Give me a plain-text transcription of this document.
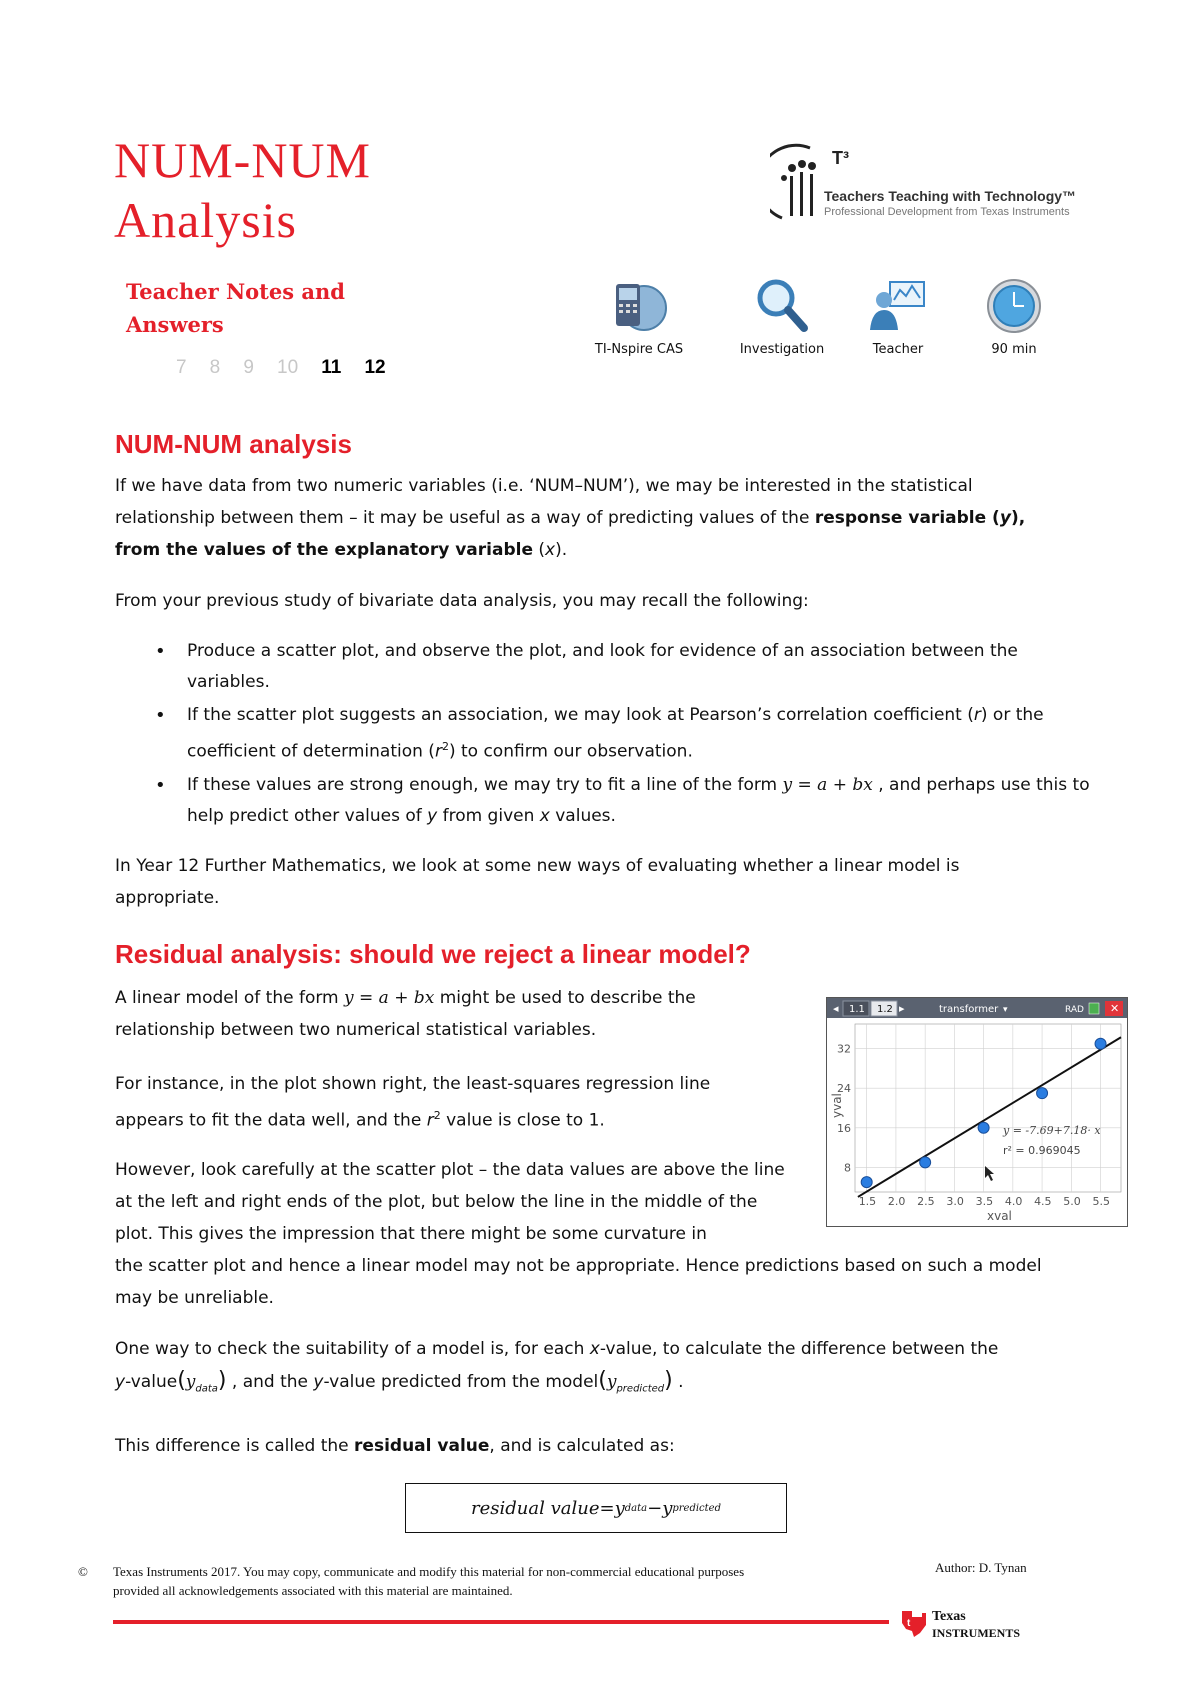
NUM-NUM
Analysis
Teacher Notes and
Answers
7 8 9 10 11 12
T³
Teachers Teaching with Technology™
Professional Development from Texas Instruments
TI-Nspire CAS	Investigation	Teacher	90 min
NUM-NUM analysis

If we have data from two numeric variables (i.e. ‘NUM–NUM’), we may be interested in the statistical relationship between them – it may be useful as a way of predicting values of the response variable (y), from the values of the explanatory variable (x).

From your previous study of bivariate data analysis, you may recall the following:

• Produce a scatter plot, and observe the plot, and look for evidence of an association between the variables.
• If the scatter plot suggests an association, we may look at Pearson’s correlation coefficient (r) or the coefficient of determination $(r^2)$ to confirm our observation.
• If these values are strong enough, we may try to fit a line of the form y = a + bx , and perhaps use this to help predict other values of y from given x values.

In Year 12 Further Mathematics, we look at some new ways of evaluating whether a linear model is appropriate.

Residual analysis: should we reject a linear model?

A linear model of the form y = a + bx might be used to describe the relationship between two numerical statistical variables.

For instance, in the plot shown right, the least-squares regression line appears to fit the data well, and the $r^2$ value is close to 1.

However, look carefully at the scatter plot – the data values are above the line at the left and right ends of the plot, but below the line in the middle of the plot. This gives the impression that there might be some curvature in

the scatter plot and hence a linear model may not be appropriate. Hence predictions based on such a model may be unreliable.

One way to check the suitability of a model is, for each x-value, to calculate the difference between the
$y-value(y_{data})$ , and the y-value predicted from the $model(y_{predicted})$ .

This difference is called the residual value, and is calculated as:

residual value = y data − y predicted
◂ 1.1 1.2 ▸	transformer ▾	RAD ✕
1.5 2.0 2.5 3.0 3.5 4.0 4.5 5.0 5.5
8
16
24
32
yval
xval
y = -7.69+7.18· x
r² = 0.969045
© Texas Instruments 2017. You may copy, communicate and modify this material for non-commercial educational purposes
provided all acknowledgements associated with this material are maintained.
Author: D. Tynan
t Texas
INSTRUMENTS
